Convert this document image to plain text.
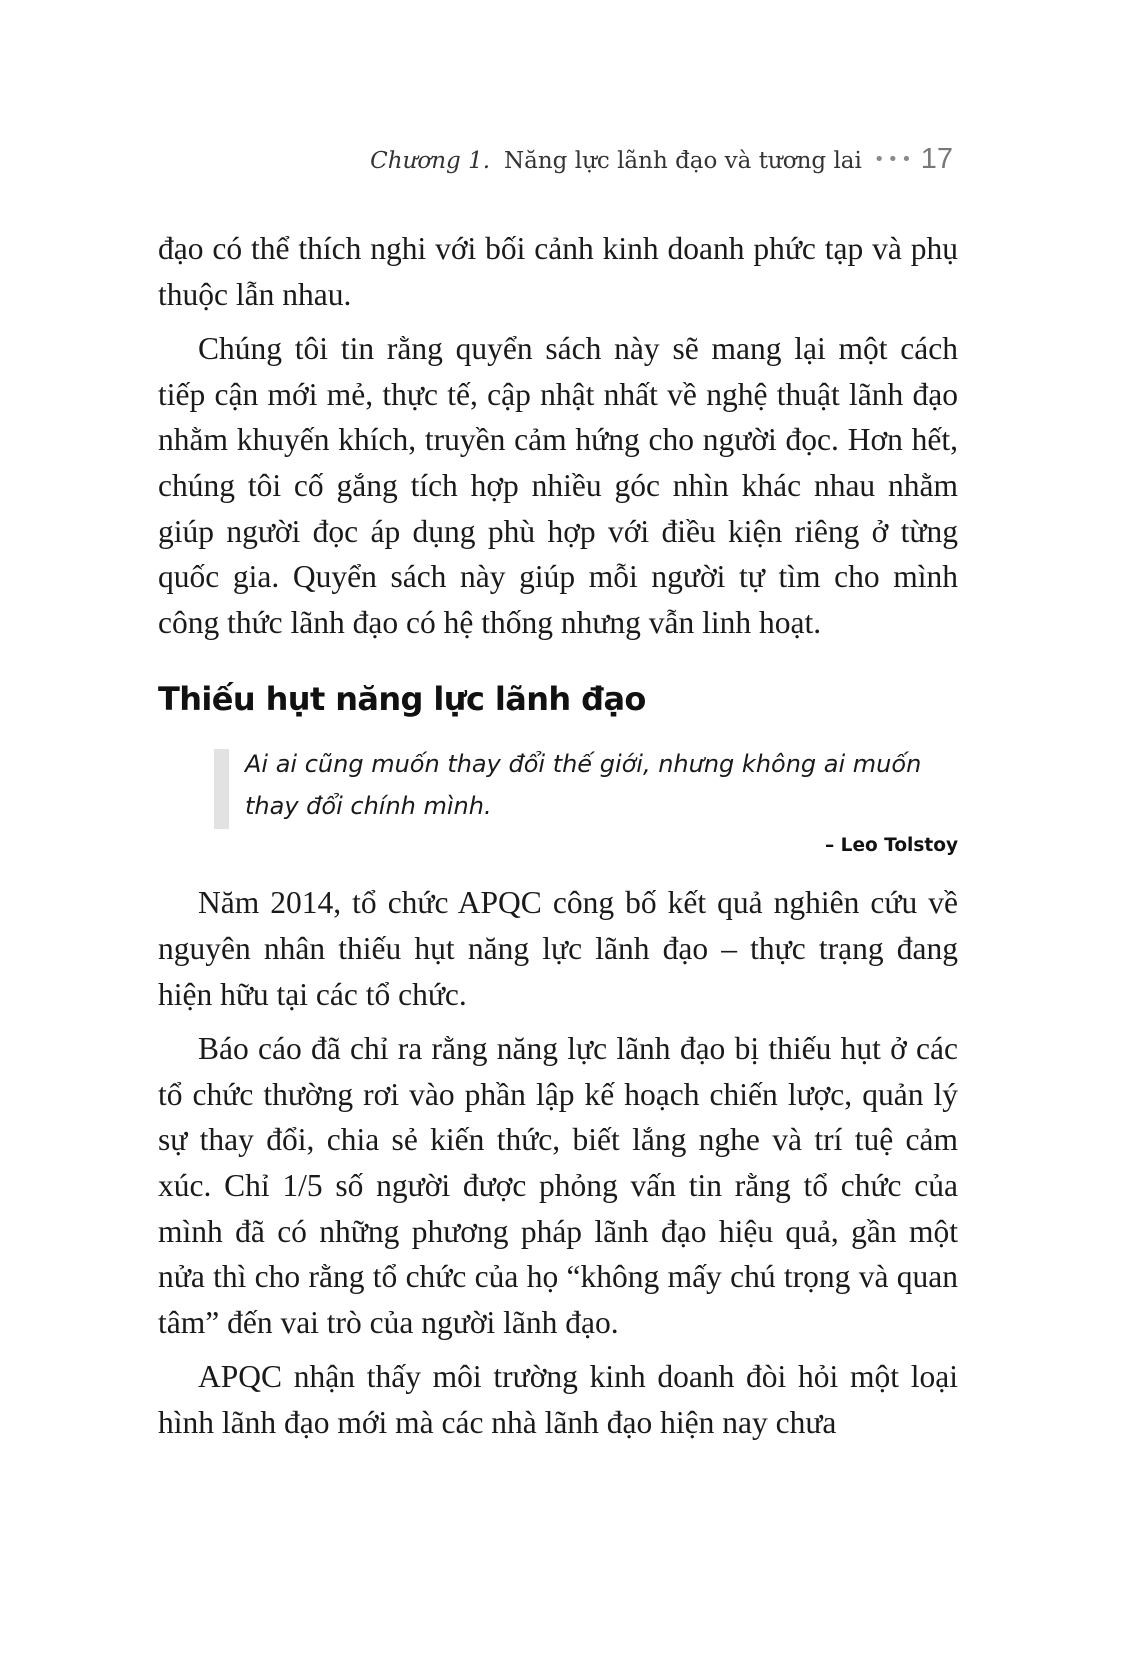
Chương 1. Năng lực lãnh đạo và tương lai ••• 17

đạo có thể thích nghi với bối cảnh kinh doanh phức tạp và phụ thuộc lẫn nhau.

Chúng tôi tin rằng quyển sách này sẽ mang lại một cách tiếp cận mới mẻ, thực tế, cập nhật nhất về nghệ thuật lãnh đạo nhằm khuyến khích, truyền cảm hứng cho người đọc. Hơn hết, chúng tôi cố gắng tích hợp nhiều góc nhìn khác nhau nhằm giúp người đọc áp dụng phù hợp với điều kiện riêng ở từng quốc gia. Quyển sách này giúp mỗi người tự tìm cho mình công thức lãnh đạo có hệ thống nhưng vẫn linh hoạt.

Thiếu hụt năng lực lãnh đạo

Ai ai cũng muốn thay đổi thế giới, nhưng không ai muốn thay đổi chính mình.

– Leo Tolstoy

Năm 2014, tổ chức APQC công bố kết quả nghiên cứu về nguyên nhân thiếu hụt năng lực lãnh đạo – thực trạng đang hiện hữu tại các tổ chức.

Báo cáo đã chỉ ra rằng năng lực lãnh đạo bị thiếu hụt ở các tổ chức thường rơi vào phần lập kế hoạch chiến lược, quản lý sự thay đổi, chia sẻ kiến thức, biết lắng nghe và trí tuệ cảm xúc. Chỉ 1/5 số người được phỏng vấn tin rằng tổ chức của mình đã có những phương pháp lãnh đạo hiệu quả, gần một nửa thì cho rằng tổ chức của họ “không mấy chú trọng và quan tâm” đến vai trò của người lãnh đạo.

APQC nhận thấy môi trường kinh doanh đòi hỏi một loại hình lãnh đạo mới mà các nhà lãnh đạo hiện nay chưa
